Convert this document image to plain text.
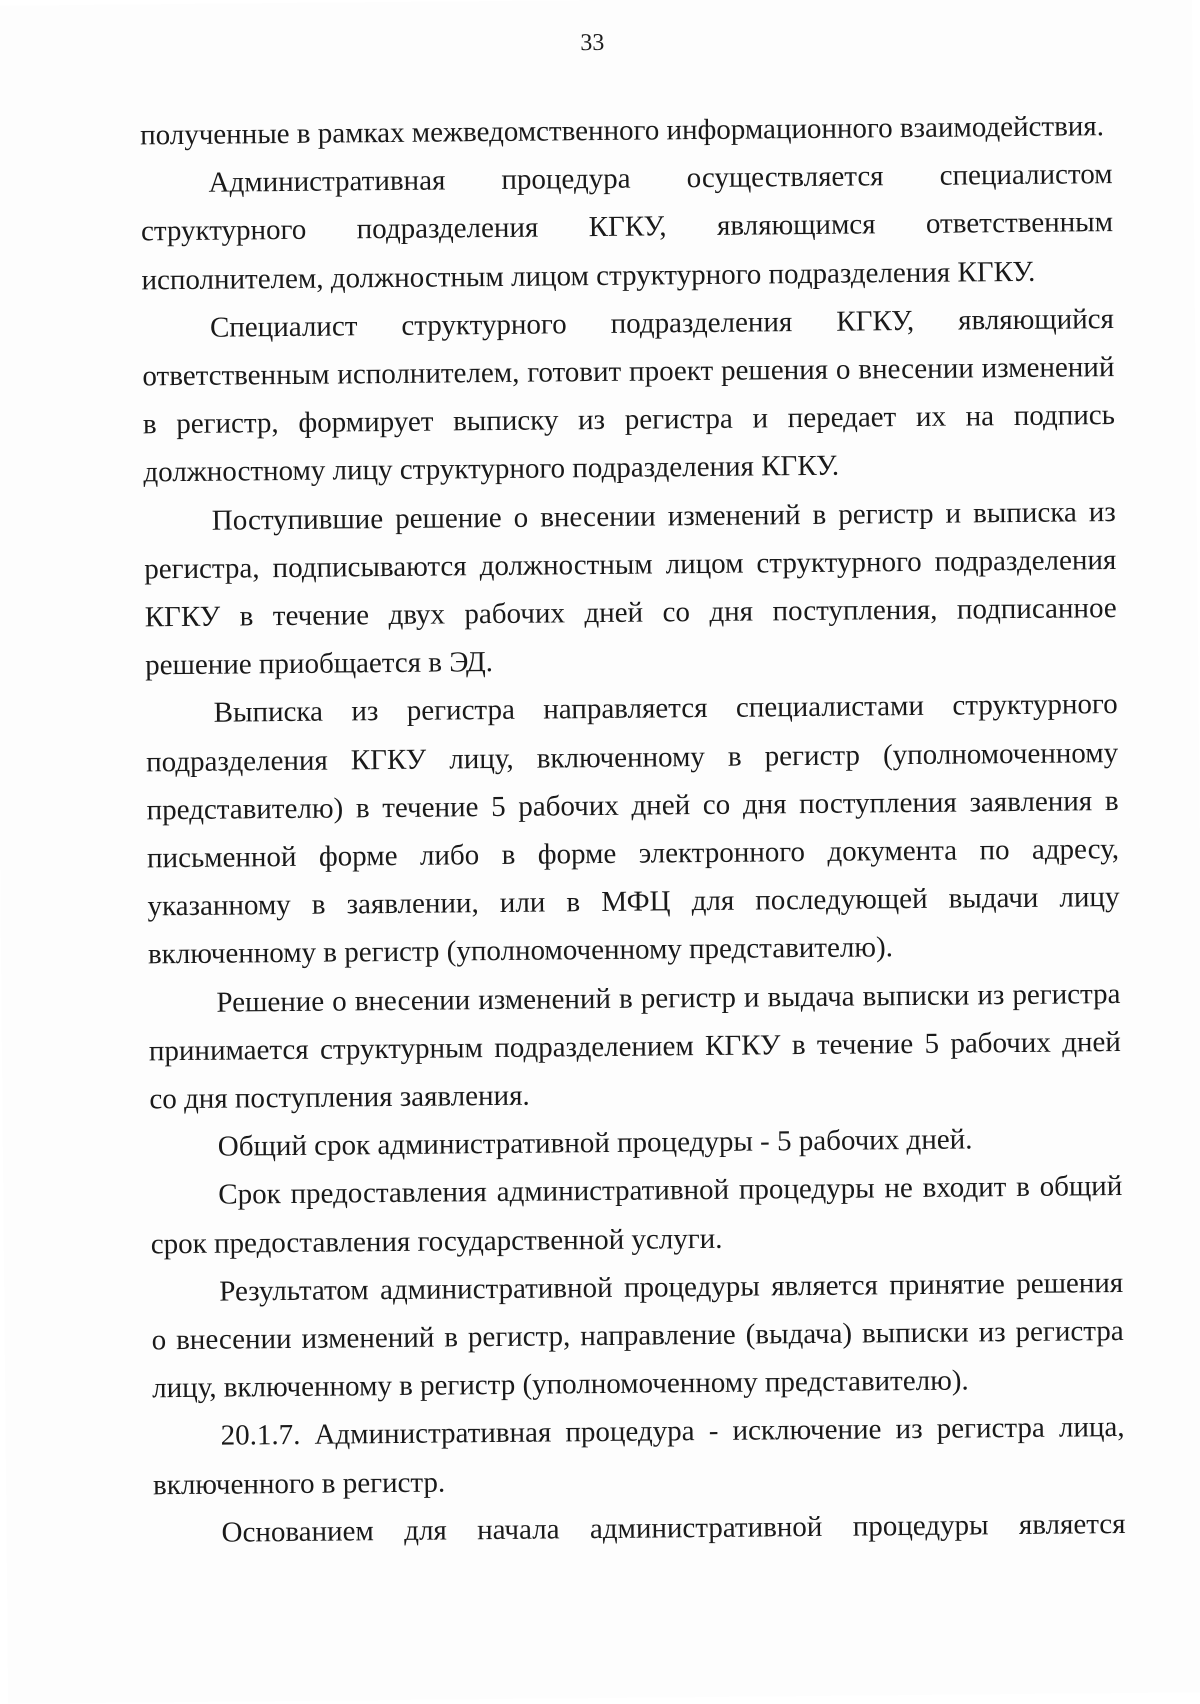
33

полученные в рамках межведомственного информационного взаимодействия.

Административная процедура осуществляется специалистом структурного подразделения КГКУ, являющимся ответственным исполнителем, должностным лицом структурного подразделения КГКУ.

Специалист структурного подразделения КГКУ, являющийся ответственным исполнителем, готовит проект решения о внесении изменений в регистр, формирует выписку из регистра и передает их на подпись должностному лицу структурного подразделения КГКУ.

Поступившие решение о внесении изменений в регистр и выписка из регистра, подписываются должностным лицом структурного подразделения КГКУ в течение двух рабочих дней со дня поступления, подписанное решение приобщается в ЭД.

Выписка из регистра направляется специалистами структурного подразделения КГКУ лицу, включенному в регистр (уполномоченному представителю) в течение 5 рабочих дней со дня поступления заявления в письменной форме либо в форме электронного документа по адресу, указанному в заявлении, или в МФЦ для последующей выдачи лицу включенному в регистр (уполномоченному представителю).

Решение о внесении изменений в регистр и выдача выписки из регистра принимается структурным подразделением КГКУ в течение 5 рабочих дней со дня поступления заявления.

Общий срок административной процедуры - 5 рабочих дней.

Срок предоставления административной процедуры не входит в общий срок предоставления государственной услуги.

Результатом административной процедуры является принятие решения о внесении изменений в регистр, направление (выдача) выписки из регистра лицу, включенному в регистр (уполномоченному представителю).

20.1.7. Административная процедура - исключение из регистра лица, включенного в регистр.

Основанием для начала административной процедуры является
